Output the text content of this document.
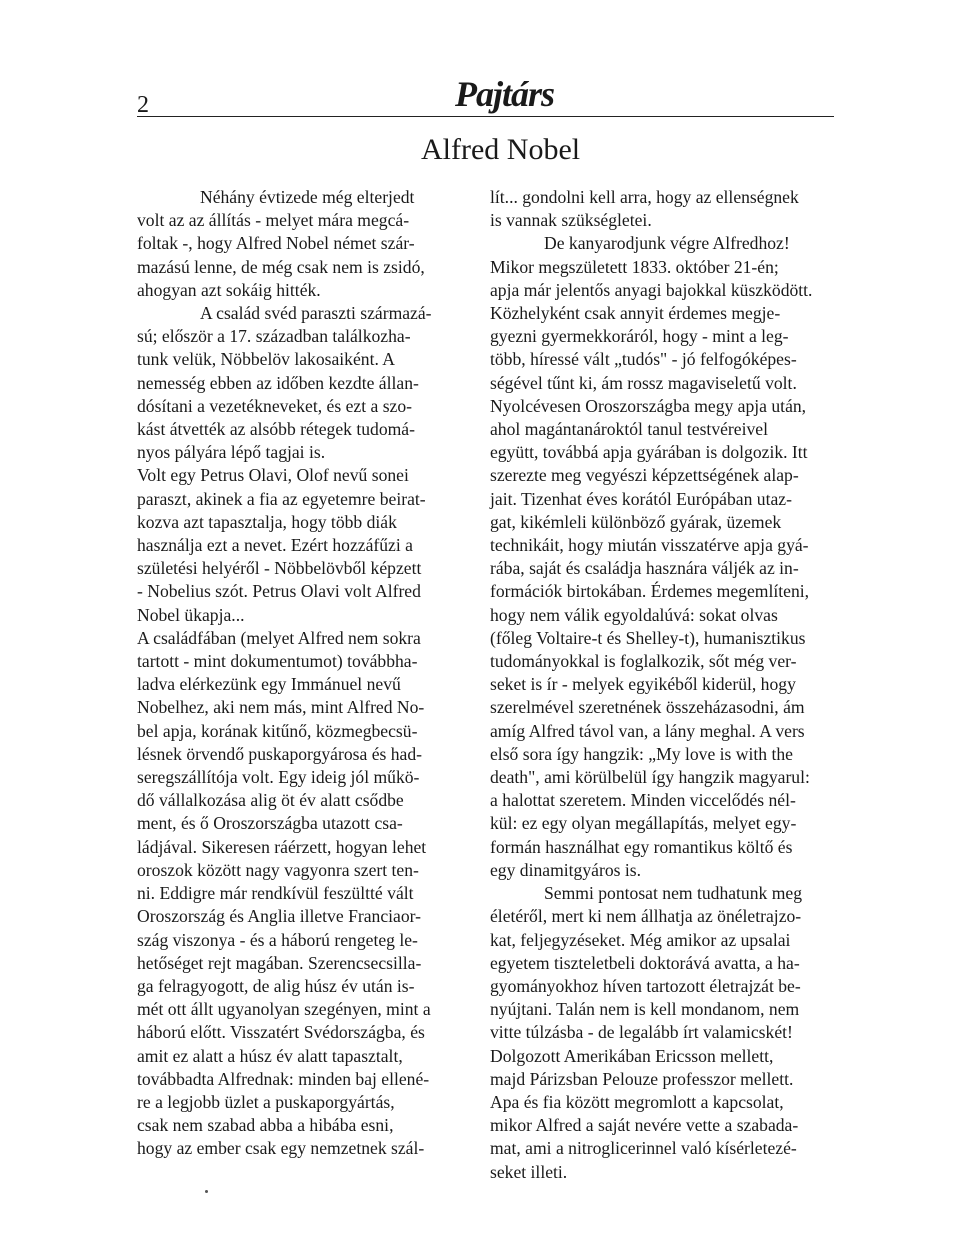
2	Pajtárs
Alfred Nobel

Néhány évtizede még elterjedt

volt az az állítás - melyet mára megcá-

foltak -, hogy Alfred Nobel német szár-

mazású lenne, de még csak nem is zsidó,

ahogyan azt sokáig hitték.

A család svéd paraszti származá-

sú; először a 17. században találkozha-

tunk velük, Nöbbelöv lakosaiként. A

nemesség ebben az időben kezdte állan-

dósítani a vezetékneveket, és ezt a szo-

kást átvették az alsóbb rétegek tudomá-

nyos pályára lépő tagjai is.

Volt egy Petrus Olavi, Olof nevű sonei

paraszt, akinek a fia az egyetemre beirat-

kozva azt tapasztalja, hogy több diák

használja ezt a nevet. Ezért hozzáfűzi a

születési helyéről - Nöbbelövből képzett

- Nobelius szót. Petrus Olavi volt Alfred

Nobel ükapja...

A családfában (melyet Alfred nem sokra

tartott - mint dokumentumot) továbbha-

ladva elérkezünk egy Immánuel nevű

Nobelhez, aki nem más, mint Alfred No-

bel apja, korának kitűnő, közmegbecsü-

lésnek örvendő puskaporgyárosa és had-

seregszállítója volt. Egy ideig jól műkö-

dő vállalkozása alig öt év alatt csődbe

ment, és ő Oroszországba utazott csa-

ládjával. Sikeresen ráérzett, hogyan lehet

oroszok között nagy vagyonra szert ten-

ni. Eddigre már rendkívül feszültté vált

Oroszország és Anglia illetve Franciaor-

szág viszonya - és a háború rengeteg le-

hetőséget rejt magában. Szerencsecsilla-

ga felragyogott, de alig húsz év után is-

mét ott állt ugyanolyan szegényen, mint a

háború előtt. Visszatért Svédországba, és

amit ez alatt a húsz év alatt tapasztalt,

továbbadta Alfrednak: minden baj ellené-

re a legjobb üzlet a puskaporgyártás,

csak nem szabad abba a hibába esni,

hogy az ember csak egy nemzetnek szál-

lít... gondolni kell arra, hogy az ellenségnek

is vannak szükségletei.

De kanyarodjunk végre Alfredhoz!

Mikor megszületett 1833. október 21-én;

apja már jelentős anyagi bajokkal küszködött.

Közhelyként csak annyit érdemes megje-

gyezni gyermekkoráról, hogy - mint a leg-

több, híressé vált „tudós" - jó felfogóképes-

ségével tűnt ki, ám rossz magaviseletű volt.

Nyolcévesen Oroszországba megy apja után,

ahol magántanároktól tanul testvéreivel

együtt, továbbá apja gyárában is dolgozik. Itt

szerezte meg vegyészi képzettségének alap-

jait. Tizenhat éves korától Európában utaz-

gat, kikémleli különböző gyárak, üzemek

technikáit, hogy miután visszatérve apja gyá-

rába, saját és családja hasznára váljék az in-

formációk birtokában. Érdemes megemlíteni,

hogy nem válik egyoldalúvá: sokat olvas

(főleg Voltaire-t és Shelley-t), humanisztikus

tudományokkal is foglalkozik, sőt még ver-

seket is ír - melyek egyikéből kiderül, hogy

szerelmével szeretnének összeházasodni, ám

amíg Alfred távol van, a lány meghal. A vers

első sora így hangzik: „My love is with the

death", ami körülbelül így hangzik magyarul:

a halottat szeretem. Minden viccelődés nél-

kül: ez egy olyan megállapítás, melyet egy-

formán használhat egy romantikus költő és

egy dinamitgyáros is.

Semmi pontosat nem tudhatunk meg

életéről, mert ki nem állhatja az önéletrajzo-

kat, feljegyzéseket. Még amikor az upsalai

egyetem tiszteletbeli doktorává avatta, a ha-

gyományokhoz híven tartozott életrajzát be-

nyújtani. Talán nem is kell mondanom, nem

vitte túlzásba - de legalább írt valamicskét!

Dolgozott Amerikában Ericsson mellett,

majd Párizsban Pelouze professzor mellett.

Apa és fia között megromlott a kapcsolat,

mikor Alfred a saját nevére vette a szabada-

mat, ami a nitroglicerinnel való kísérletezé-

seket illeti.
